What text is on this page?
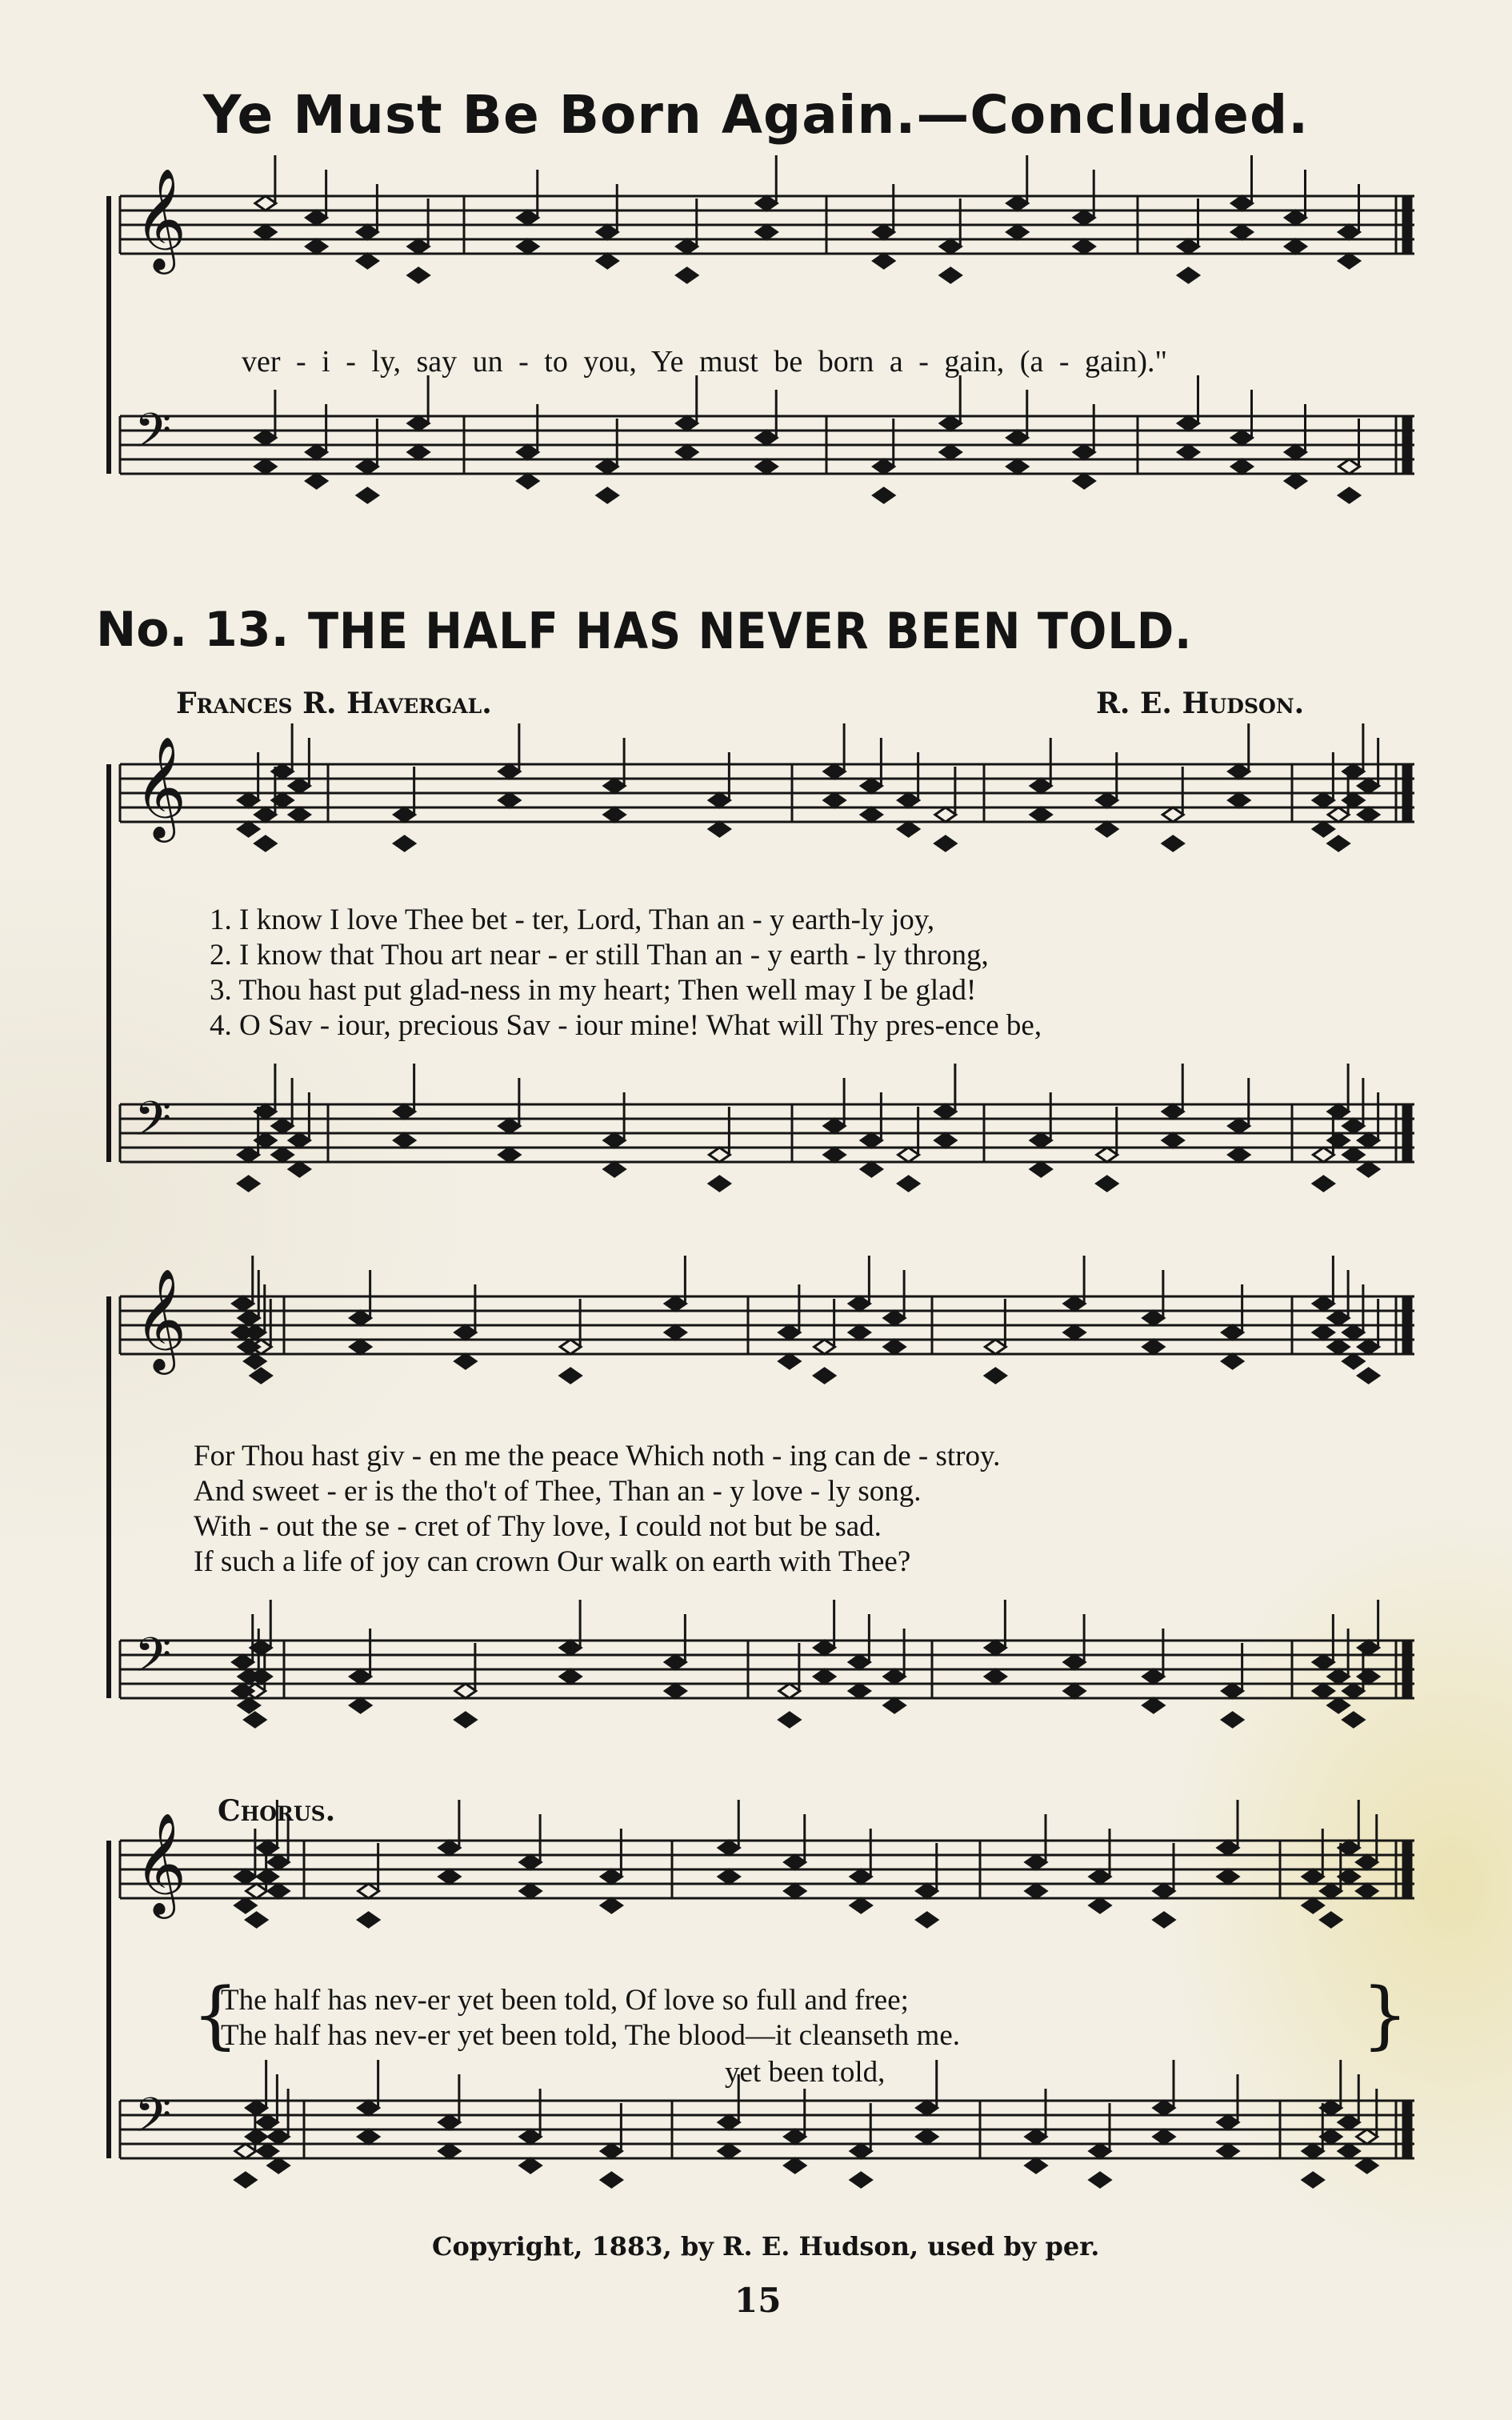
𝄞
𝄢
𝄞
𝄢
𝄞
𝄢
𝄞
𝄢
Ye Must Be Born Again.—Concluded.
ver - i - ly, say un - to you, Ye must be born a - gain, (a - gain)."
No. 13. THE HALF HAS NEVER BEEN TOLD.
Frances R. Havergal.	R. E. Hudson.
1. I know I love Thee bet - ter, Lord, Than an - y earth-ly joy,
2. I know that Thou art near - er still Than an - y earth - ly throng,
3. Thou hast put glad-ness in my heart; Then well may I be glad!
4. O Sav - iour, precious Sav - iour mine! What will Thy pres-ence be,
For Thou hast giv - en me the peace Which noth - ing can de - stroy.
And sweet - er is the tho't of Thee, Than an - y love - ly song.
With - out the se - cret of Thy love, I could not but be sad.
If such a life of joy can crown Our walk on earth with Thee?
Chorus.
{
The half has nev-er yet been told, Of love so full and free;
The half has nev-er yet been told, The blood—it cleanseth me.	}
yet been told,
Copyright, 1883, by R. E. Hudson, used by per.
15
